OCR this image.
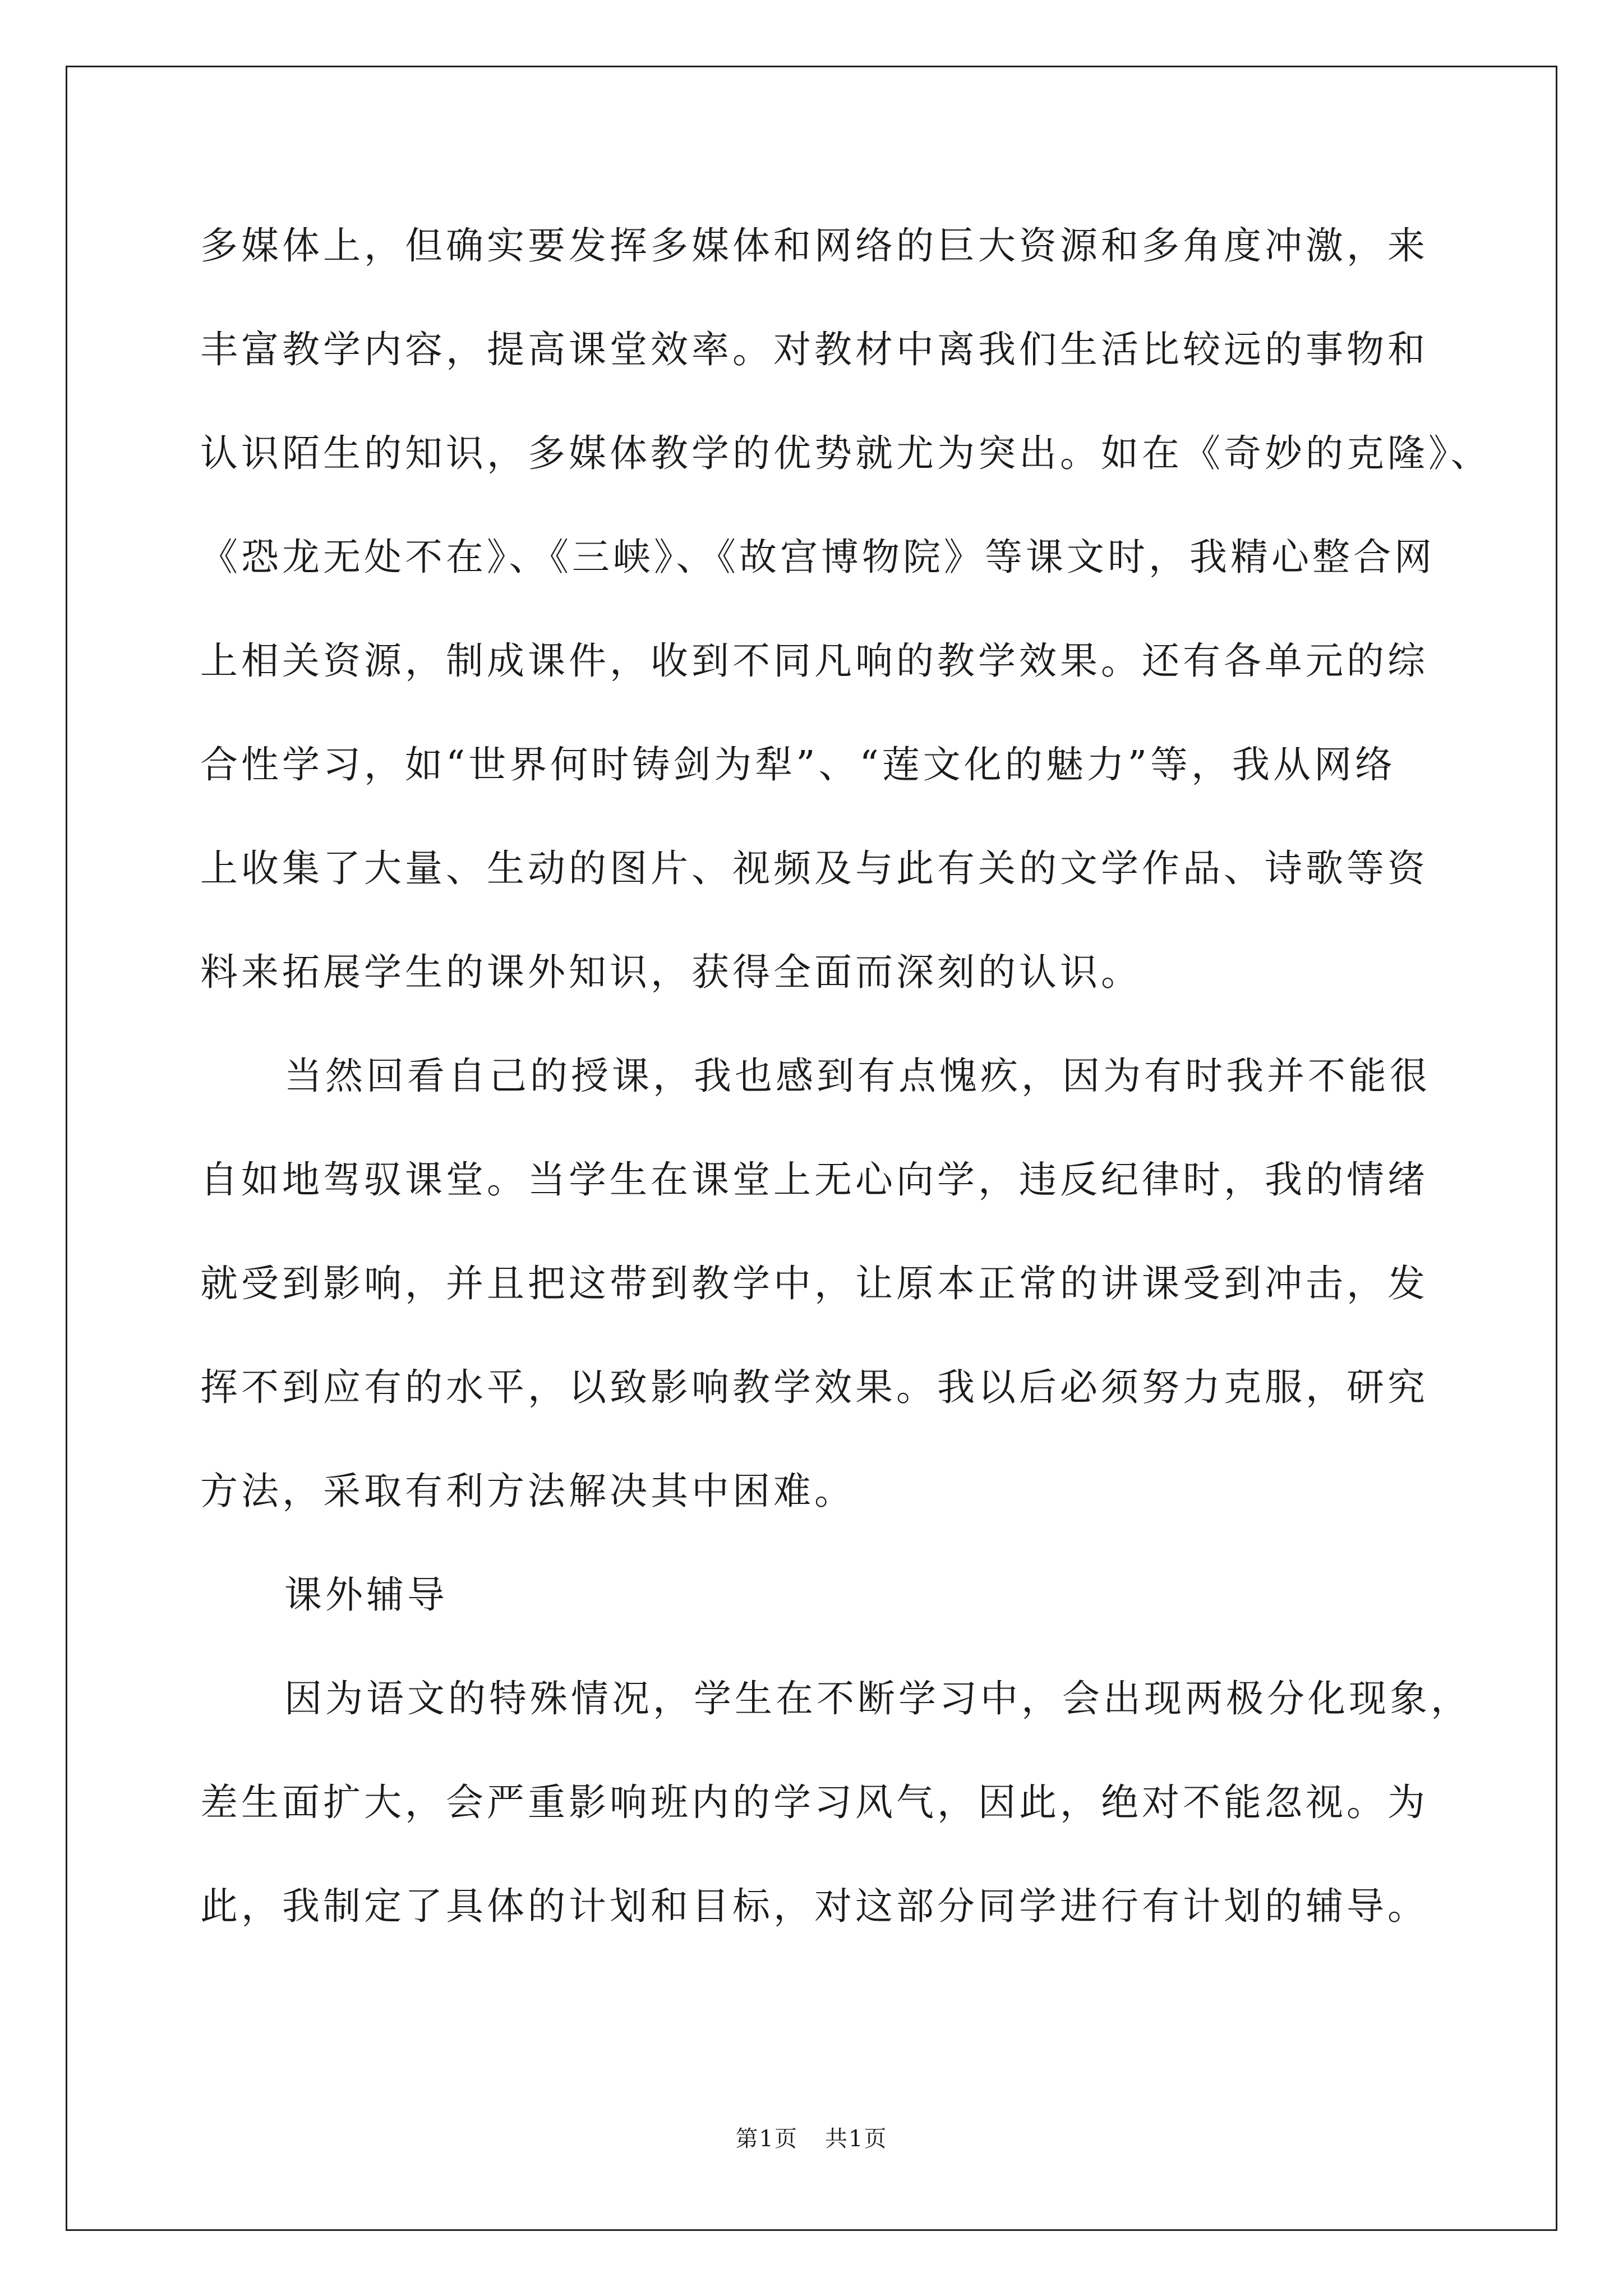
多媒体上，但确实要发挥多媒体和网络的巨大资源和多角度冲激，来
丰富教学内容，提高课堂效率。对教材中离我们生活比较远的事物和
认识陌生的知识，多媒体教学的优势就尤为突出。如在《奇妙的克隆》、
《恐龙无处不在》、《三峡》、《故宫博物院》等课文时，我精心整合网
上相关资源，制成课件，收到不同凡响的教学效果。还有各单元的综
合性学习，如“世界何时铸剑为犁”、“莲文化的魅力”等，我从网络
上收集了大量、生动的图片、视频及与此有关的文学作品、诗歌等资
料来拓展学生的课外知识，获得全面而深刻的认识。
当然回看自己的授课，我也感到有点愧疚，因为有时我并不能很
自如地驾驭课堂。当学生在课堂上无心向学，违反纪律时，我的情绪
就受到影响，并且把这带到教学中，让原本正常的讲课受到冲击，发
挥不到应有的水平，以致影响教学效果。我以后必须努力克服，研究
方法，采取有利方法解决其中困难。
课外辅导
因为语文的特殊情况，学生在不断学习中，会出现两极分化现象，
差生面扩大，会严重影响班内的学习风气，因此，绝对不能忽视。为
此，我制定了具体的计划和目标，对这部分同学进行有计划的辅导。
第1页 共1页
